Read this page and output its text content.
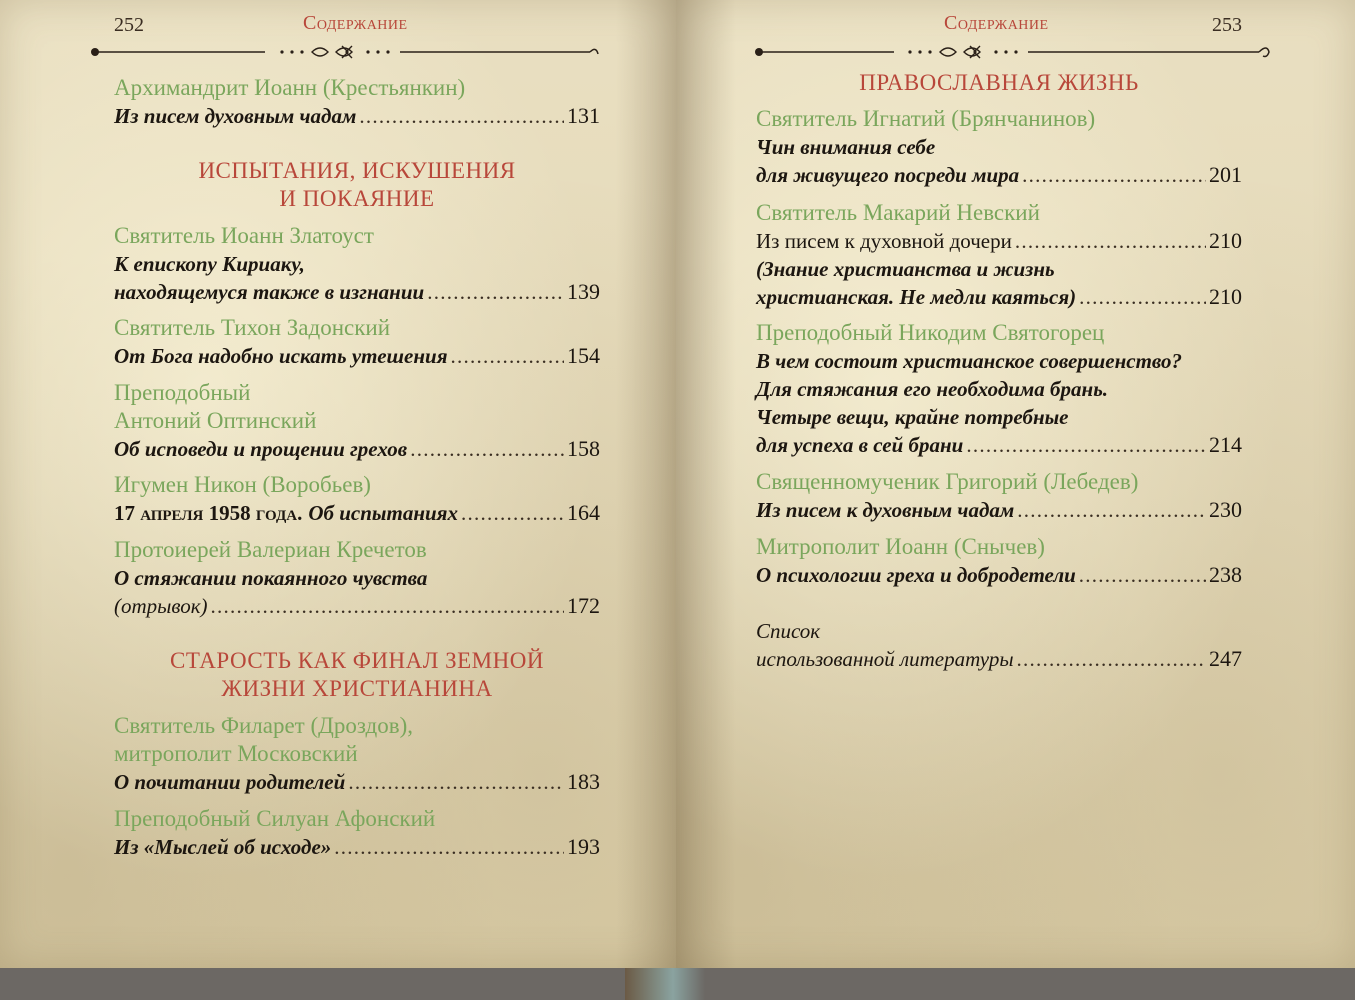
252	Содержание
Архимандрит Иоанн (Крестьянкин)
Из писем духовным чадам . . .	131
ИСПЫТАНИЯ, ИСКУШЕНИЯ
И ПОКАЯНИЕ
Святитель Иоанн Златоуст
К епископу Кириаку,
находящемуся также в изгнании . . .	139
Святитель Тихон Задонский
От Бога надобно искать утешения . . .	154
Преподобный
Антоний Оптинский
Об исповеди и прощении грехов . . .	158
Игумен Никон (Воробьев)
17 апреля 1958 года. Об испытаниях . . .	164
Протоиерей Валериан Кречетов
О стяжании покаянного чувства
(отрывок) . . .	172
СТАРОСТЬ КАК ФИНАЛ ЗЕМНОЙ
ЖИЗНИ ХРИСТИАНИНА
Святитель Филарет (Дроздов),
митрополит Московский
О почитании родителей . . .	183
Преподобный Силуан Афонский
Из «Мыслей об исходе» . . .	193
Содержание	253
ПРАВОСЛАВНАЯ ЖИЗНЬ
Святитель Игнатий (Брянчанинов)
Чин внимания себе
для живущего посреди мира . . .	201
Святитель Макарий Невский
Из писем к духовной дочери . . .	210
(Знание христианства и жизнь
христианская. Не медли каяться) . . .	210
Преподобный Никодим Святогорец
В чем состоит христианское совершенство?
Для стяжания его необходима брань.
Четыре вещи, крайне потребные
для успеха в сей брани . . .	214
Священномученик Григорий (Лебедев)
Из писем к духовным чадам . . .	230
Митрополит Иоанн (Снычев)
О психологии греха и добродетели . . .	238
Список
использованной литературы . . .	247
